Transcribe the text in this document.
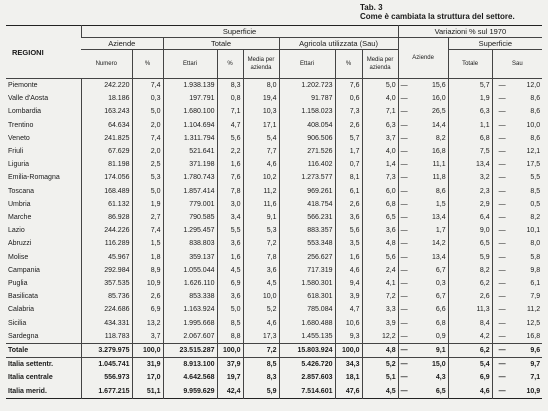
Tab. 3
Come è cambiata la struttura del settore.
REGIONI	Superficie								Variazioni % sul 1970		
	Aziende		Totale			Agricola utilizzata (Sau)			Aziende	Superficie	
	Numero	%	Ettari	%	Media per azienda	Ettari	%	Media per azienda		Totale	Sau
Piemonte	242.220	7,4	1.938.139	8,3	8,0	1.202.723	7,6	5,0	— 15,6	5,7	— 12,0
Valle d'Aosta	18.186	0,3	197.791	0,8	19,4	91.787	0,6	4,0	— 16,0	1,9	— 8,6
Lombardia	163.243	5,0	1.680.100	7,1	10,3	1.158.023	7,3	7,1	— 26,5	6,3	— 8,6
Trentino	64.634	2,0	1.104.694	4,7	17,1	408.054	2,6	6,3	— 14,4	1,1	— 10,0
Veneto	241.825	7,4	1.311.794	5,6	5,4	906.506	5,7	3,7	— 8,2	6,8	— 8,6
Friuli	67.629	2,0	521.641	2,2	7,7	271.526	1,7	4,0	— 16,8	7,5	— 12,1
Liguria	81.198	2,5	371.198	1,6	4,6	116.402	0,7	1,4	— 11,1	13,4	— 17,5
Emilia-Romagna	174.056	5,3	1.780.743	7,6	10,2	1.273.577	8,1	7,3	— 11,8	3,2	— 5,5
Toscana	168.489	5,0	1.857.414	7,8	11,2	969.261	6,1	6,0	— 8,6	2,3	— 8,5
Umbria	61.132	1,9	779.001	3,0	11,6	418.754	2,6	6,8	— 1,5	2,9	— 0,5
Marche	86.928	2,7	790.585	3,4	9,1	566.231	3,6	6,5	— 13,4	6,4	— 8,2
Lazio	244.226	7,4	1.295.457	5,5	5,3	883.357	5,6	3,6	— 1,7	9,0	— 10,1
Abruzzi	116.289	1,5	838.803	3,6	7,2	553.348	3,5	4,8	— 14,2	6,5	— 8,0
Molise	45.967	1,8	359.137	1,6	7,8	256.627	1,6	5,6	— 13,4	5,9	— 5,8
Campania	292.984	8,9	1.055.044	4,5	3,6	717.319	4,6	2,4	— 6,7	8,2	— 9,8
Puglia	357.535	10,9	1.626.110	6,9	4,5	1.580.301	9,4	4,1	— 0,3	6,2	— 6,1
Basilicata	85.736	2,6	853.338	3,6	10,0	618.301	3,9	7,2	— 6,7	2,6	— 7,9
Calabria	224.686	6,9	1.163.924	5,0	5,2	785.084	4,7	3,3	— 6,6	11,3	— 11,2
Sicilia	434.331	13,2	1.995.668	8,5	4,6	1.680.488	10,6	3,9	— 6,8	8,4	— 12,5
Sardegna	118.783	3,7	2.067.607	8,8	17,3	1.455.135	9,3	12,2	— 0,9	4,2	— 16,8
Totale	3.279.975	100,0	23.515.287	100,0	7,2	15.803.924	100,0	4,8	— 9,1	6,2	— 9,6
Italia settentr.	1.045.741	31,9	8.913.100	37,9	8,5	5.426.720	34,3	5,2	— 15,0	5,4	— 9,7
Italia centrale	556.973	17,0	4.642.568	19,7	8,3	2.857.603	18,1	5,1	— 4,3	6,9	— 7,1
Italia merid.	1.677.215	51,1	9.959.629	42,4	5,9	7.514.601	47,6	4,5	— 6,5	4,6	— 10,9
